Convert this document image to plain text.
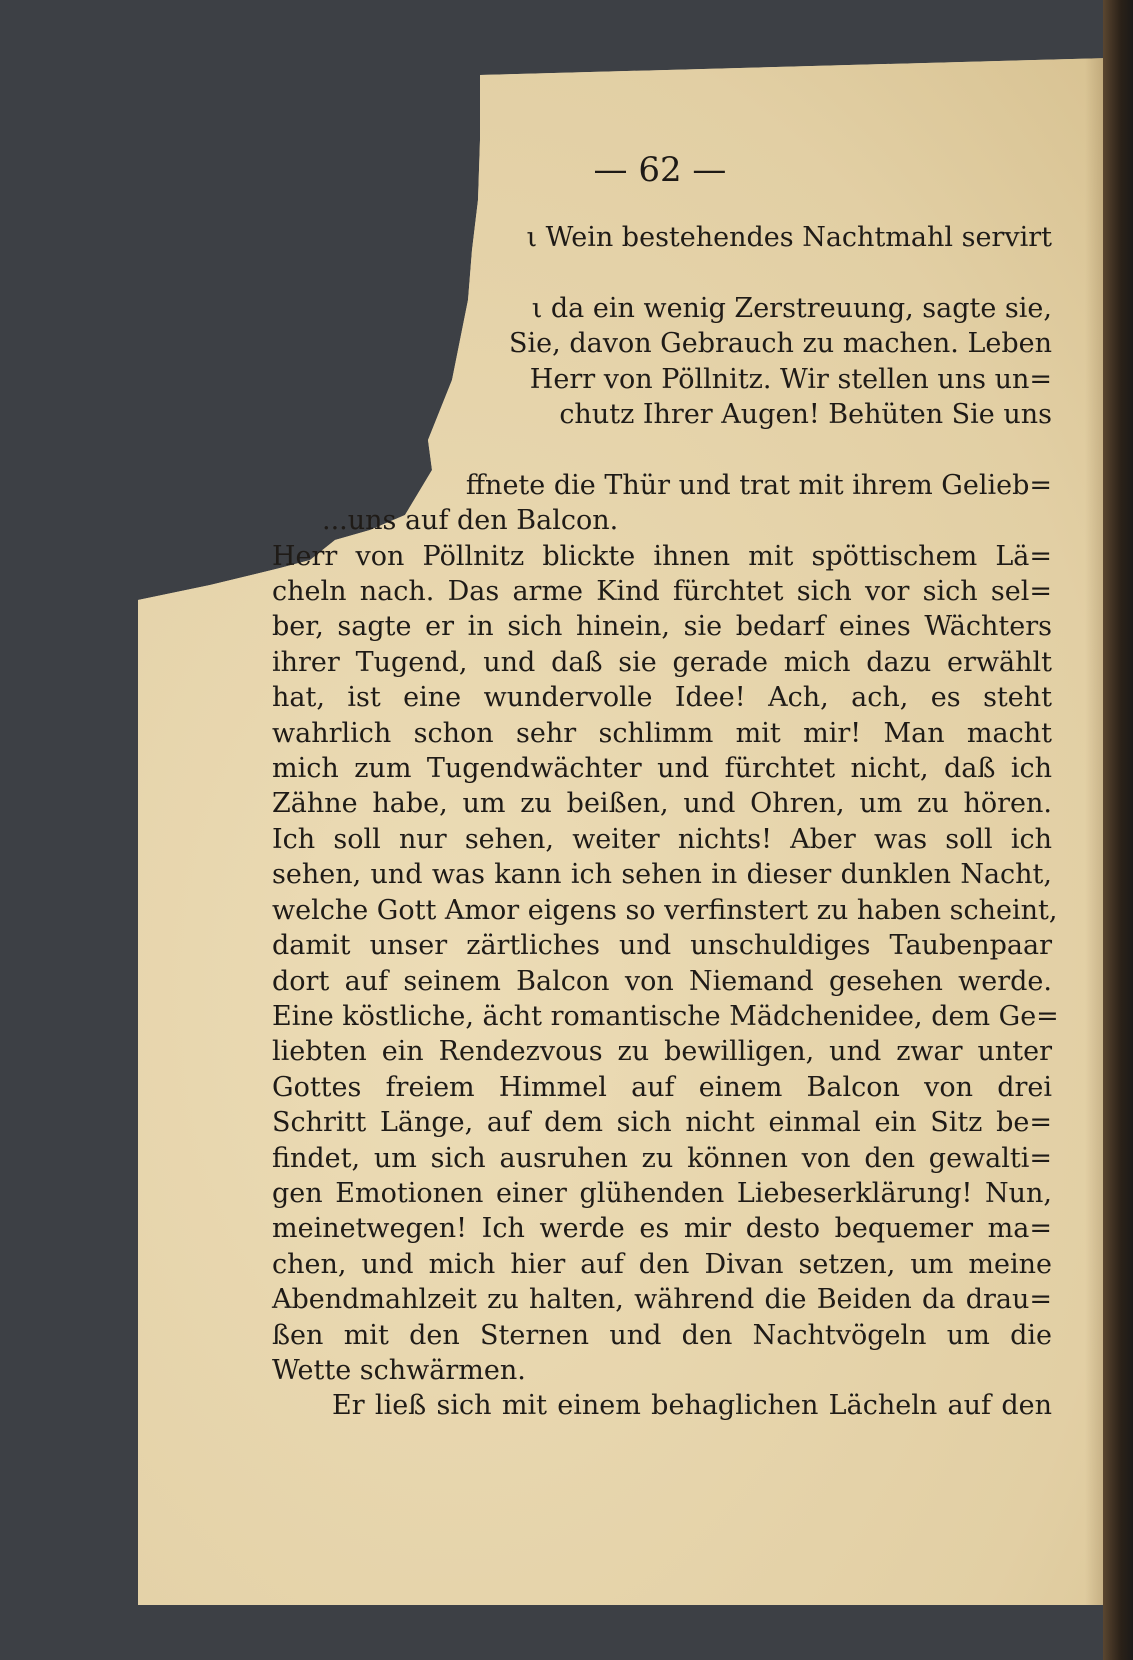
— 62 —
ι Wein bestehendes Nachtmahl servirt
ι da ein wenig Zerstreuung, sagte sie,
Sie, davon Gebrauch zu machen. Leben
Herr von Pöllnitz. Wir stellen uns un=
chutz Ihrer Augen! Behüten Sie uns
ffnete die Thür und trat mit ihrem Gelieb=
...uns auf den Balcon.
Herr von Pöllnitz blickte ihnen mit spöttischem Lä=
cheln nach. Das arme Kind fürchtet sich vor sich sel=
ber, sagte er in sich hinein, sie bedarf eines Wächters
ihrer Tugend, und daß sie gerade mich dazu erwählt
hat, ist eine wundervolle Idee! Ach, ach, es steht
wahrlich schon sehr schlimm mit mir! Man macht
mich zum Tugendwächter und fürchtet nicht, daß ich
Zähne habe, um zu beißen, und Ohren, um zu hören.
Ich soll nur sehen, weiter nichts! Aber was soll ich
sehen, und was kann ich sehen in dieser dunklen Nacht,
welche Gott Amor eigens so verfinstert zu haben scheint,
damit unser zärtliches und unschuldiges Taubenpaar
dort auf seinem Balcon von Niemand gesehen werde.
Eine köstliche, ächt romantische Mädchenidee, dem Ge=
liebten ein Rendezvous zu bewilligen, und zwar unter
Gottes freiem Himmel auf einem Balcon von drei
Schritt Länge, auf dem sich nicht einmal ein Sitz be=
findet, um sich ausruhen zu können von den gewalti=
gen Emotionen einer glühenden Liebeserklärung! Nun,
meinetwegen! Ich werde es mir desto bequemer ma=
chen, und mich hier auf den Divan setzen, um meine
Abendmahlzeit zu halten, während die Beiden da drau=
ßen mit den Sternen und den Nachtvögeln um die
Wette schwärmen.
Er ließ sich mit einem behaglichen Lächeln auf den
